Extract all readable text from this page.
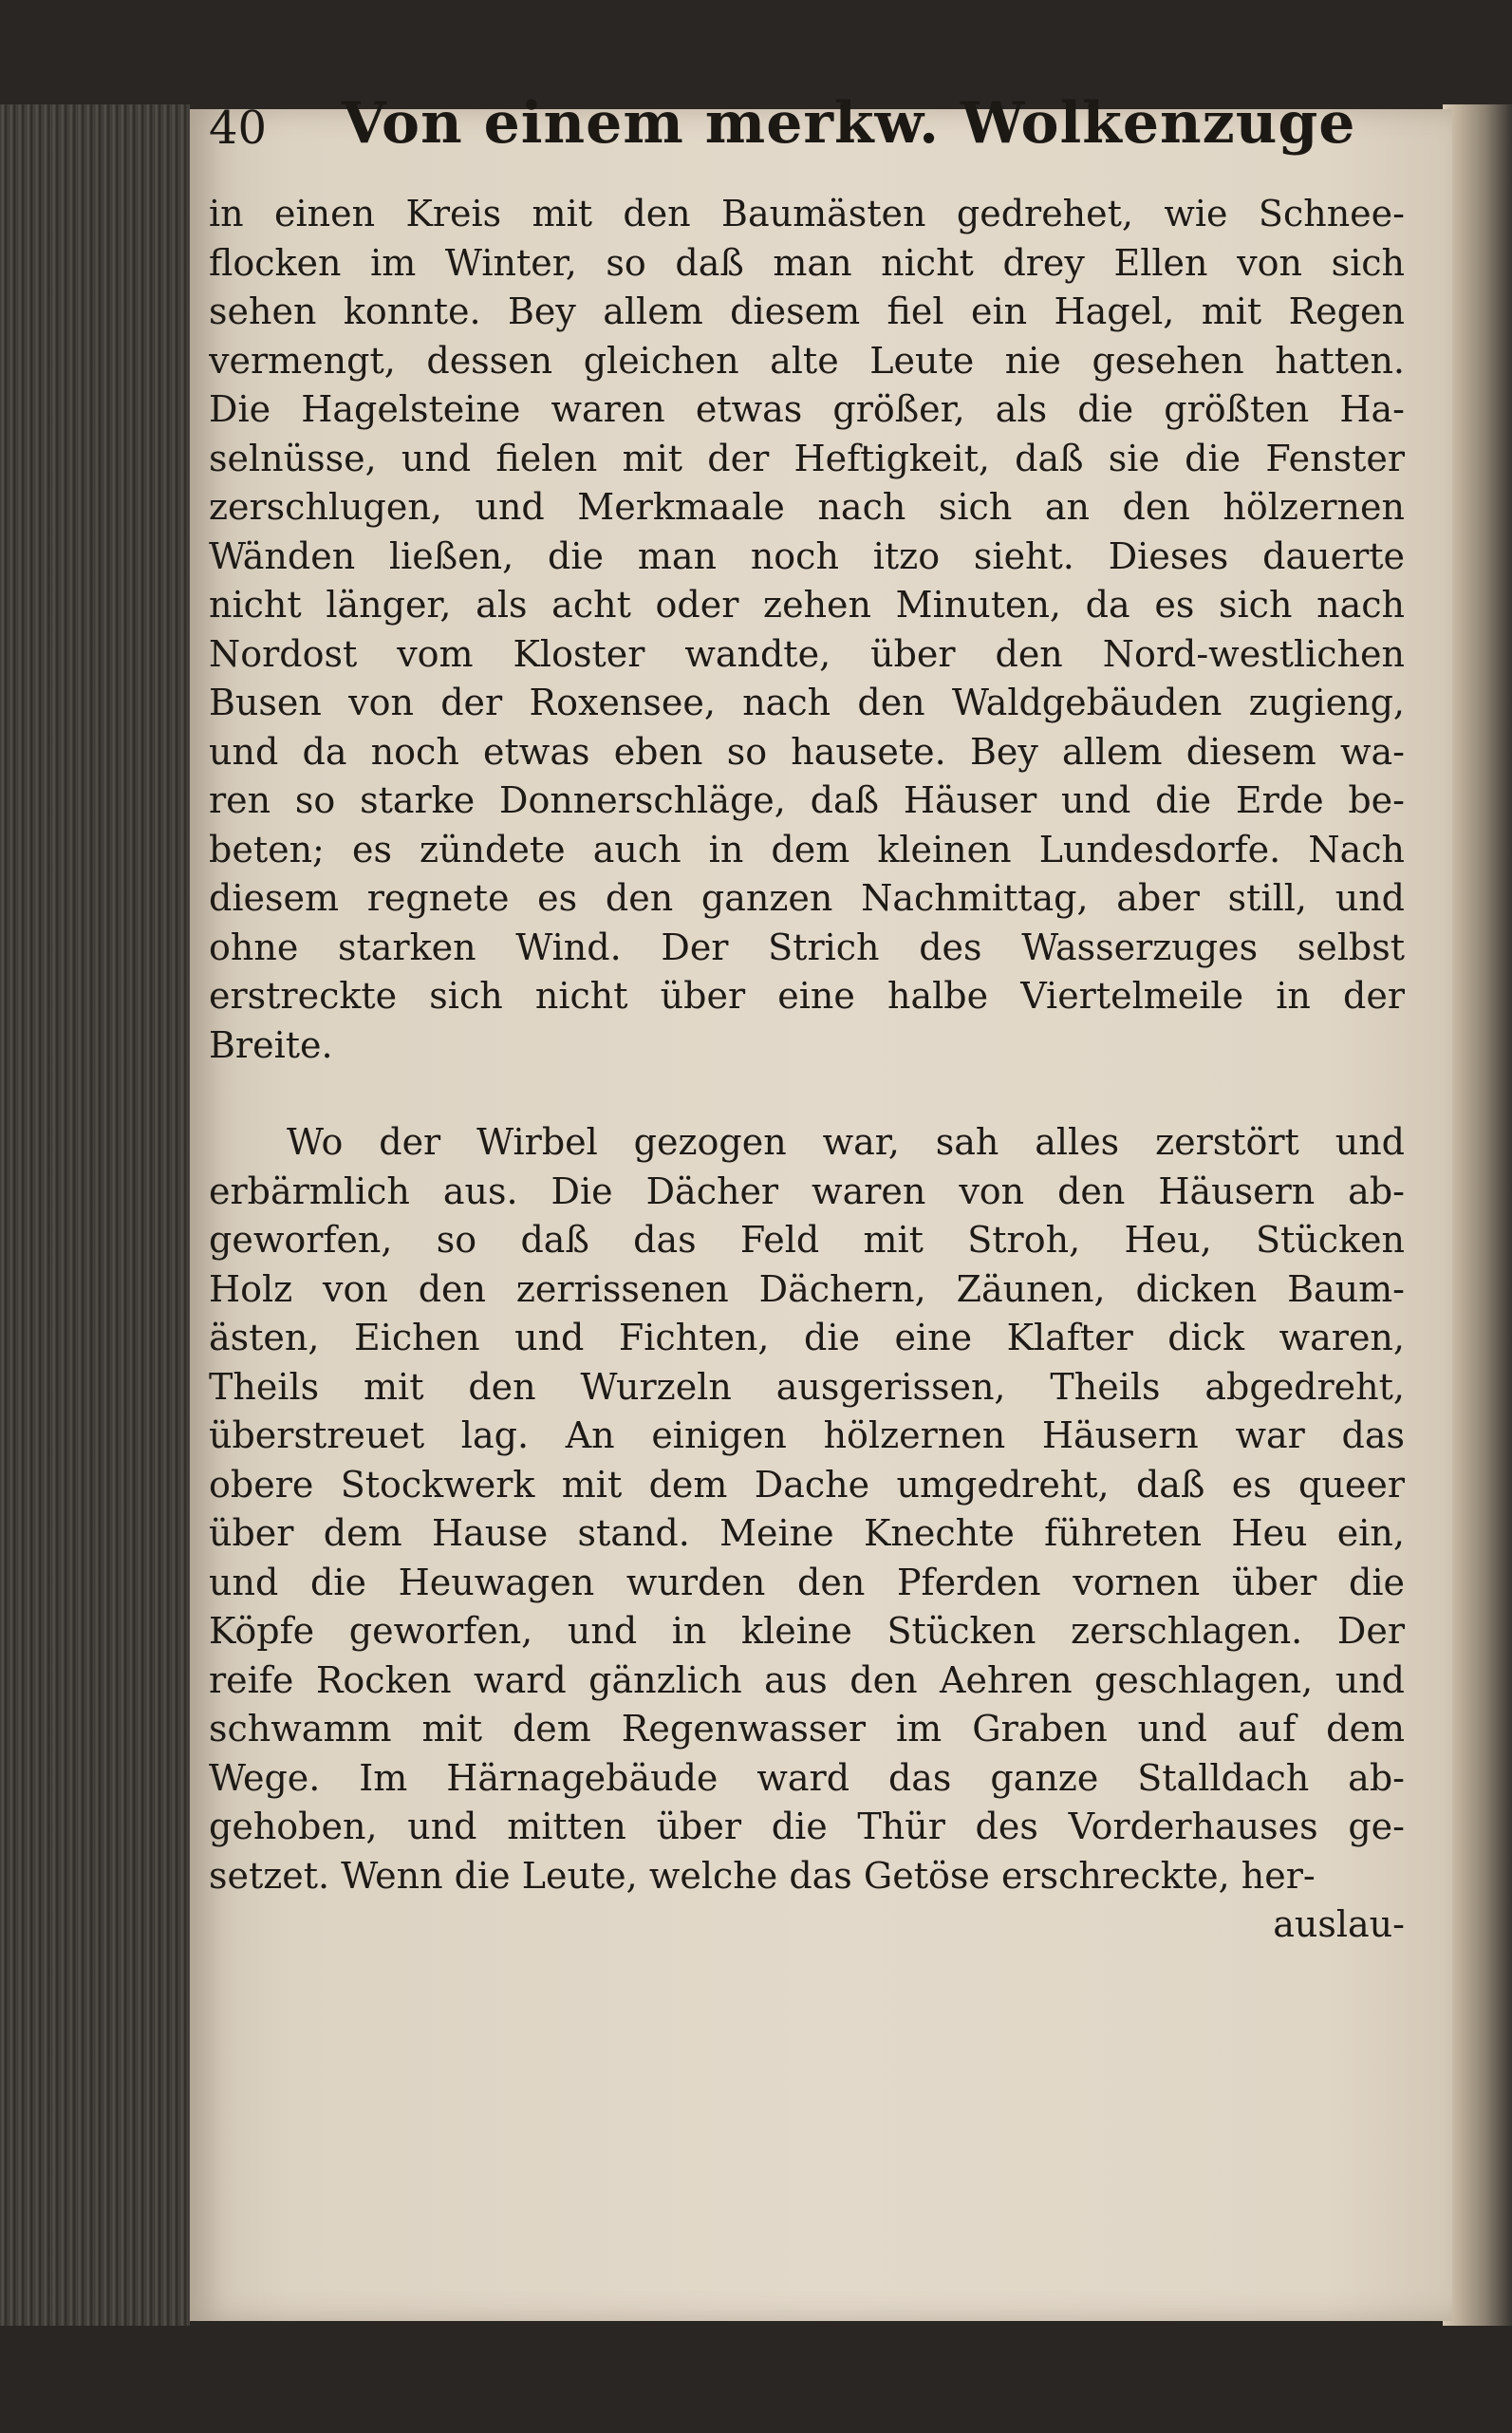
40 Von einem merkw. Wolkenzuge
in einen Kreis mit den Baumästen gedrehet, wie Schnee-
flocken im Winter, so daß man nicht drey Ellen von sich
sehen konnte. Bey allem diesem fiel ein Hagel, mit Regen
vermengt, dessen gleichen alte Leute nie gesehen hatten.
Die Hagelsteine waren etwas größer, als die größten Ha-
selnüsse, und fielen mit der Heftigkeit, daß sie die Fenster
zerschlugen, und Merkmaale nach sich an den hölzernen
Wänden ließen, die man noch itzo sieht. Dieses dauerte
nicht länger, als acht oder zehen Minuten, da es sich nach
Nordost vom Kloster wandte, über den Nord-westlichen
Busen von der Roxensee, nach den Waldgebäuden zugieng,
und da noch etwas eben so hausete. Bey allem diesem wa-
ren so starke Donnerschläge, daß Häuser und die Erde be-
beten; es zündete auch in dem kleinen Lundesdorfe. Nach
diesem regnete es den ganzen Nachmittag, aber still, und
ohne starken Wind. Der Strich des Wasserzuges selbst
erstreckte sich nicht über eine halbe Viertelmeile in der
Breite.
Wo der Wirbel gezogen war, sah alles zerstört und
erbärmlich aus. Die Dächer waren von den Häusern ab-
geworfen, so daß das Feld mit Stroh, Heu, Stücken
Holz von den zerrissenen Dächern, Zäunen, dicken Baum-
ästen, Eichen und Fichten, die eine Klafter dick waren,
Theils mit den Wurzeln ausgerissen, Theils abgedreht,
überstreuet lag. An einigen hölzernen Häusern war das
obere Stockwerk mit dem Dache umgedreht, daß es queer
über dem Hause stand. Meine Knechte führeten Heu ein,
und die Heuwagen wurden den Pferden vornen über die
Köpfe geworfen, und in kleine Stücken zerschlagen. Der
reife Rocken ward gänzlich aus den Aehren geschlagen, und
schwamm mit dem Regenwasser im Graben und auf dem
Wege. Im Härnagebäude ward das ganze Stalldach ab-
gehoben, und mitten über die Thür des Vorderhauses ge-
setzet. Wenn die Leute, welche das Getöse erschreckte, her-
auslau-
